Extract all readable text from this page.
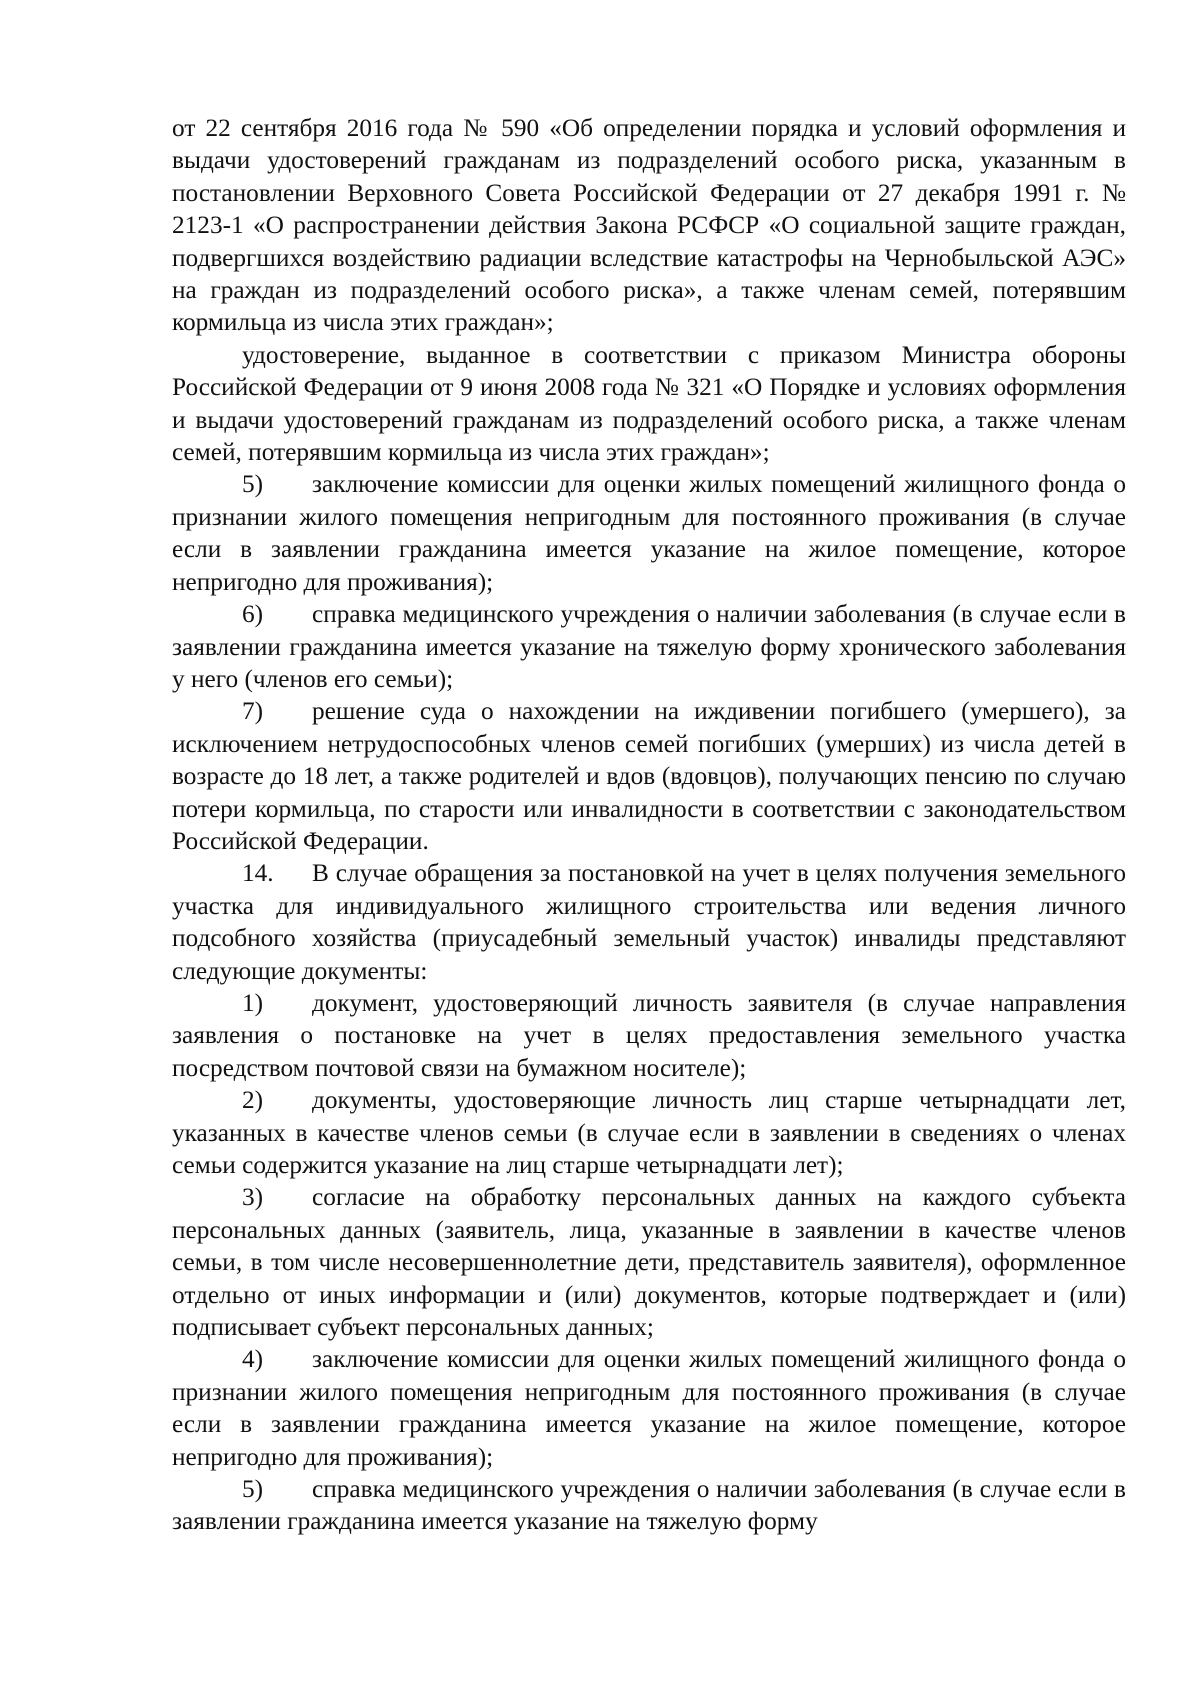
от 22 сентября 2016 года № 590 «Об определении порядка и условий оформления и выдачи удостоверений гражданам из подразделений особого риска, указанным в постановлении Верховного Совета Российской Федерации от 27 декабря 1991 г. № 2123-1 «О распространении действия Закона РСФСР «О социальной защите граждан, подвергшихся воздействию радиации вследствие катастрофы на Чернобыльской АЭС» на граждан из подразделений особого риска», а также членам семей, потерявшим кормильца из числа этих граждан»;

удостоверение, выданное в соответствии с приказом Министра обороны Российской Федерации от 9 июня 2008 года № 321 «О Порядке и условиях оформления и выдачи удостоверений гражданам из подразделений особого риска, а также членам семей, потерявшим кормильца из числа этих граждан»;

5) заключение комиссии для оценки жилых помещений жилищного фонда о признании жилого помещения непригодным для постоянного проживания (в случае если в заявлении гражданина имеется указание на жилое помещение, которое непригодно для проживания);

6) справка медицинского учреждения о наличии заболевания (в случае если в заявлении гражданина имеется указание на тяжелую форму хронического заболевания у него (членов его семьи);

7) решение суда о нахождении на иждивении погибшего (умершего), за исключением нетрудоспособных членов семей погибших (умерших) из числа детей в возрасте до 18 лет, а также родителей и вдов (вдовцов), получающих пенсию по случаю потери кормильца, по старости или инвалидности в соответствии с законодательством Российской Федерации.

14. В случае обращения за постановкой на учет в целях получения земельного участка для индивидуального жилищного строительства или ведения личного подсобного хозяйства (приусадебный земельный участок) инвалиды представляют следующие документы:

1) документ, удостоверяющий личность заявителя (в случае направления заявления о постановке на учет в целях предоставления земельного участка посредством почтовой связи на бумажном носителе);

2) документы, удостоверяющие личность лиц старше четырнадцати лет, указанных в качестве членов семьи (в случае если в заявлении в сведениях о членах семьи содержится указание на лиц старше четырнадцати лет);

3) согласие на обработку персональных данных на каждого субъекта персональных данных (заявитель, лица, указанные в заявлении в качестве членов семьи, в том числе несовершеннолетние дети, представитель заявителя), оформленное отдельно от иных информации и (или) документов, которые подтверждает и (или) подписывает субъект персональных данных;

4) заключение комиссии для оценки жилых помещений жилищного фонда о признании жилого помещения непригодным для постоянного проживания (в случае если в заявлении гражданина имеется указание на жилое помещение, которое непригодно для проживания);

5) справка медицинского учреждения о наличии заболевания (в случае если в заявлении гражданина имеется указание на тяжелую форму
